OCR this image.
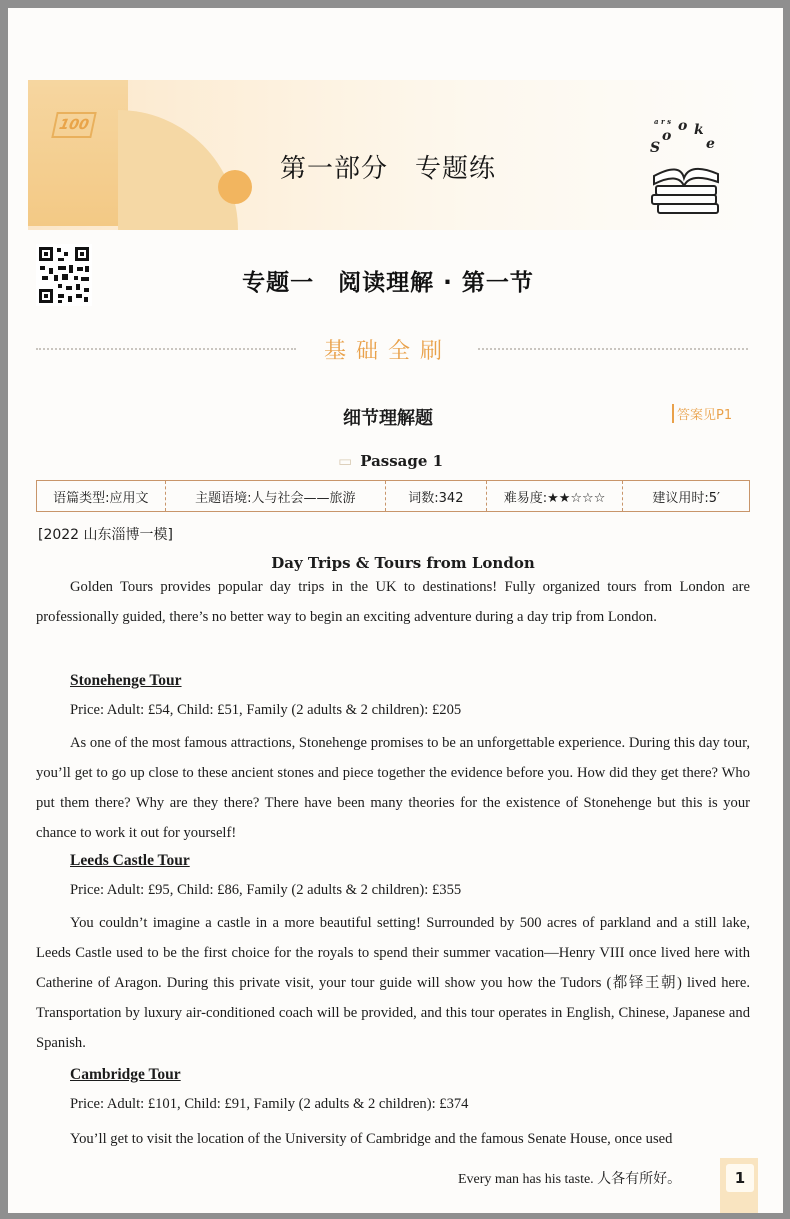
100
第一部分　专题练
S
o
o k
e
a r s
专题一　阅读理解 · 第一节
基础全刷
细节理解题	答案见P1
▭ Passage 1
语篇类型:应用文	主题语境:人与社会——旅游	词数:342	难易度:★★☆☆☆	建议用时:5′
[2022 山东淄博一模]
Day Trips & Tours from London
Golden Tours provides popular day trips in the UK to destinations! Fully organized tours from London are professionally guided, there’s no better way to begin an exciting adventure during a day trip from London.
Stonehenge Tour
Price: Adult: £54, Child: £51, Family (2 adults & 2 children): £205
As one of the most famous attractions, Stonehenge promises to be an unforgettable experience. During this day tour, you’ll get to go up close to these ancient stones and piece together the evidence before you. How did they get there? Who put them there? Why are they there? There have been many theories for the existence of Stonehenge but this is your chance to work it out for yourself!
Leeds Castle Tour
Price: Adult: £95, Child: £86, Family (2 adults & 2 children): £355
You couldn’t imagine a castle in a more beautiful setting! Surrounded by 500 acres of parkland and a still lake, Leeds Castle used to be the first choice for the royals to spend their summer vacation—Henry VIII once lived here with Catherine of Aragon. During this private visit, your tour guide will show you how the Tudors (都铎王朝) lived here. Transportation by luxury air-conditioned coach will be provided, and this tour operates in English, Chinese, Japanese and Spanish.
Cambridge Tour
Price: Adult: £101, Child: £91, Family (2 adults & 2 children): £374
You’ll get to visit the location of the University of Cambridge and the famous Senate House, once used
Every man has his taste. 人各有所好。	1
